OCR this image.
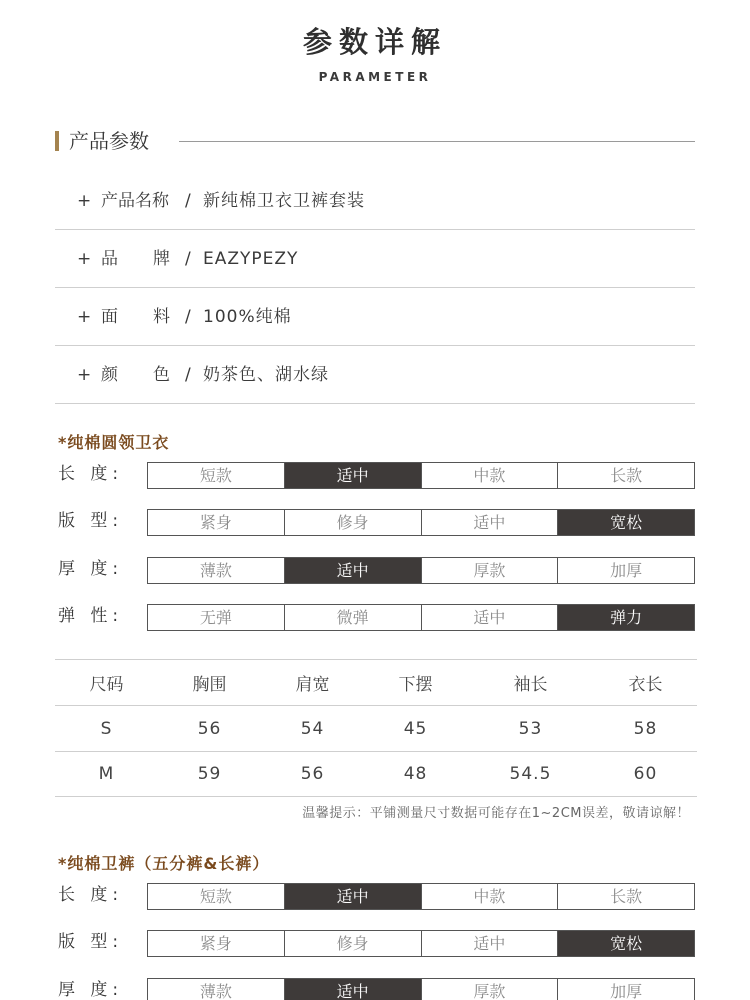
参数详解
PARAMETER
产品参数
+ 产品名称 / 新纯棉卫衣卫裤套装
+ 品 牌 / EAZYPEZY
+ 面 料 / 100%纯棉
+ 颜 色 / 奶茶色、湖水绿
*纯棉圆领卫衣
长 度:	短款	适中	中款	长款
版 型:	紧身	修身	适中	宽松
厚 度:	薄款	适中	厚款	加厚
弹 性:	无弹	微弹	适中	弹力
尺码	胸围	肩宽	下摆	袖长	衣长
S	56	54	45	53	58
M	59	56	48	54.5	60
温馨提示：平铺测量尺寸数据可能存在1~2CM误差，敬请谅解！
*纯棉卫裤（五分裤&长裤）
长 度:	短款	适中	中款	长款
版 型:	紧身	修身	适中	宽松
厚 度:	薄款	适中	厚款	加厚
